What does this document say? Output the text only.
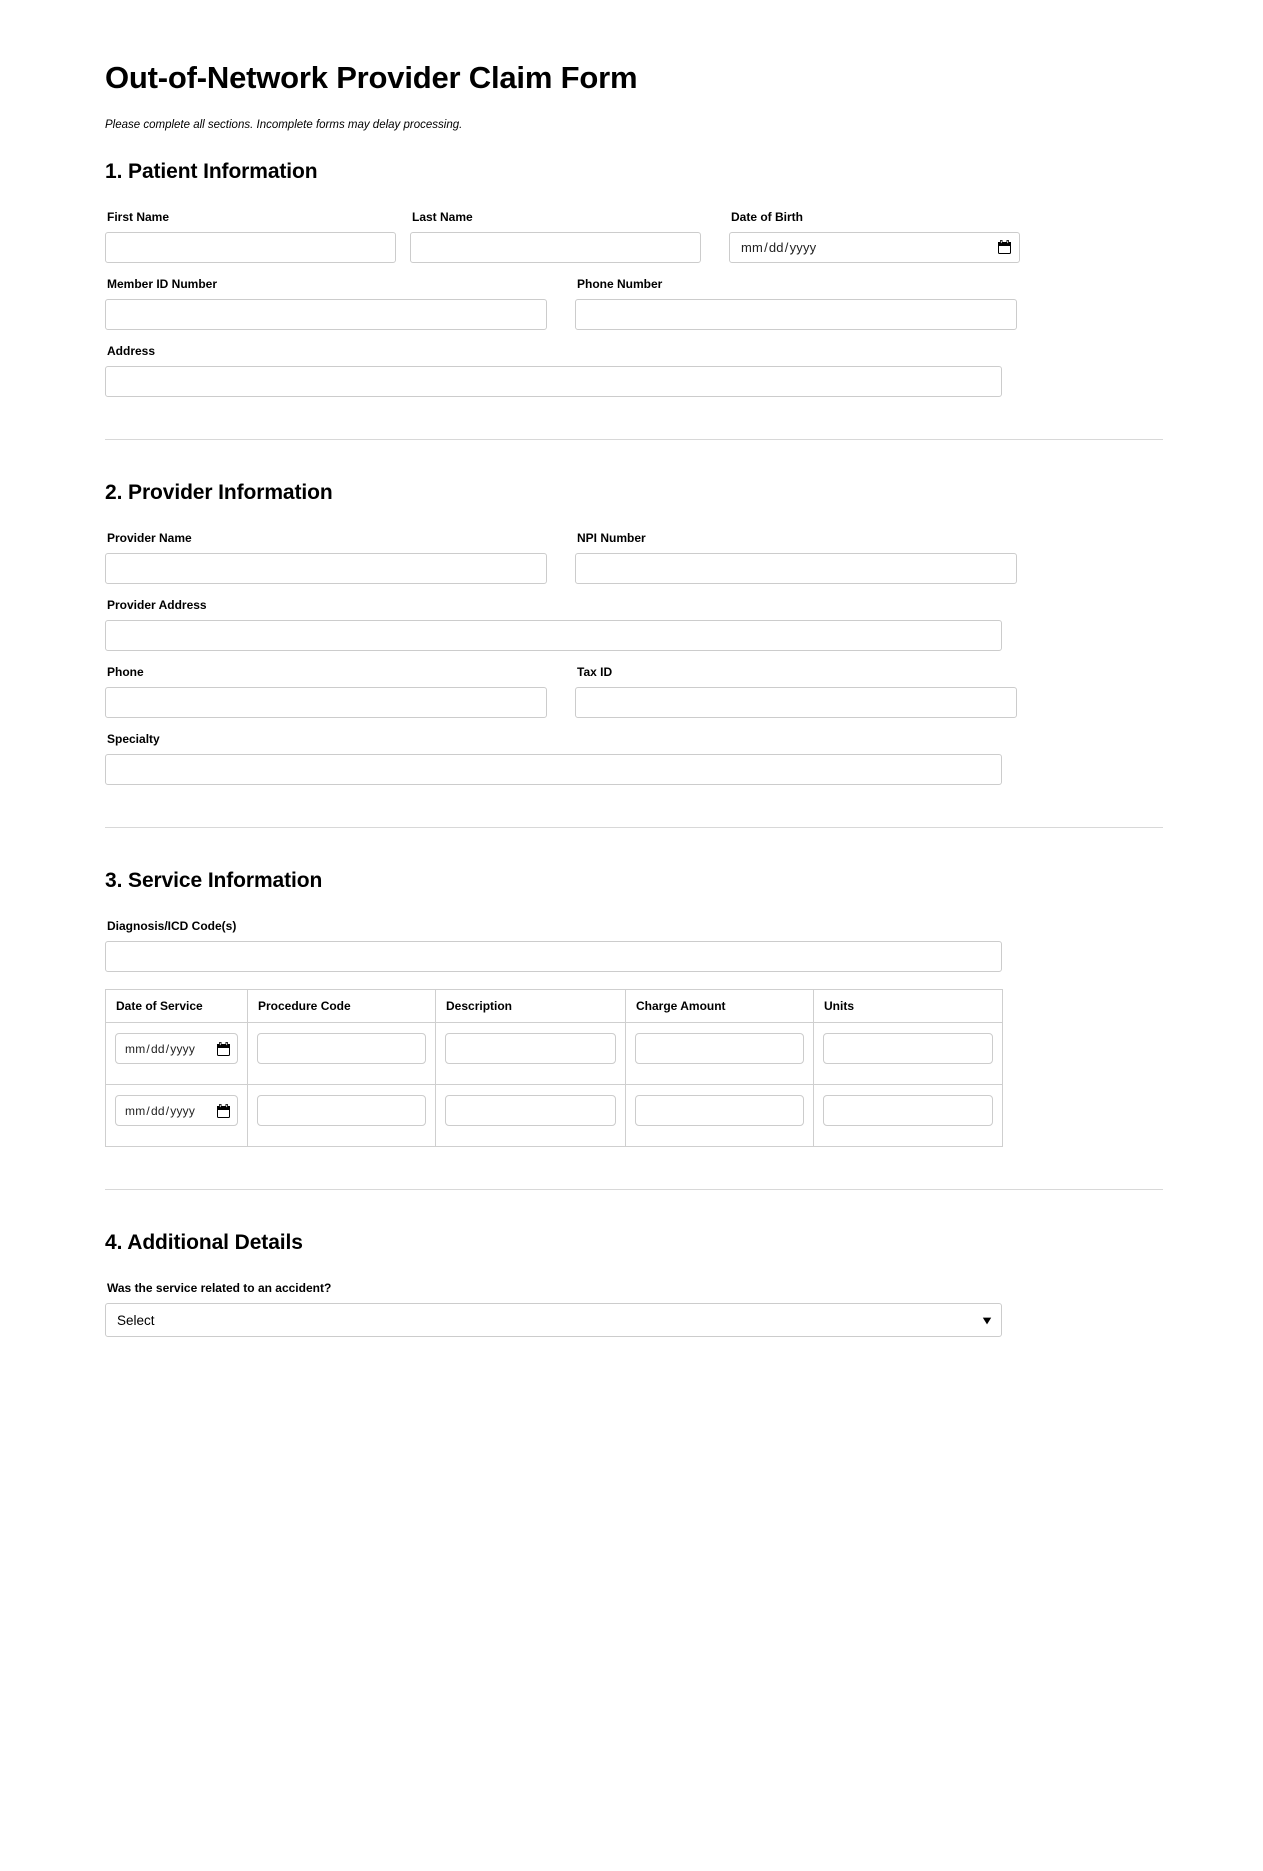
Out-of-Network Provider Claim Form

Please complete all sections. Incomplete forms may delay processing.

1. Patient Information
First Name	Last Name	Date of Birth
mm/dd/yyyy
Member ID Number	Phone Number
Address
2. Provider Information
Provider Name	NPI Number
Provider Address
Phone	Tax ID
Specialty
3. Service Information
Diagnosis/ICD Code(s)
Date of Service	Procedure Code	Description	Charge Amount	Units

mm/dd/yyyy

mm/dd/yyyy

4. Additional Details
Was the service related to an accident?
Select	▾
